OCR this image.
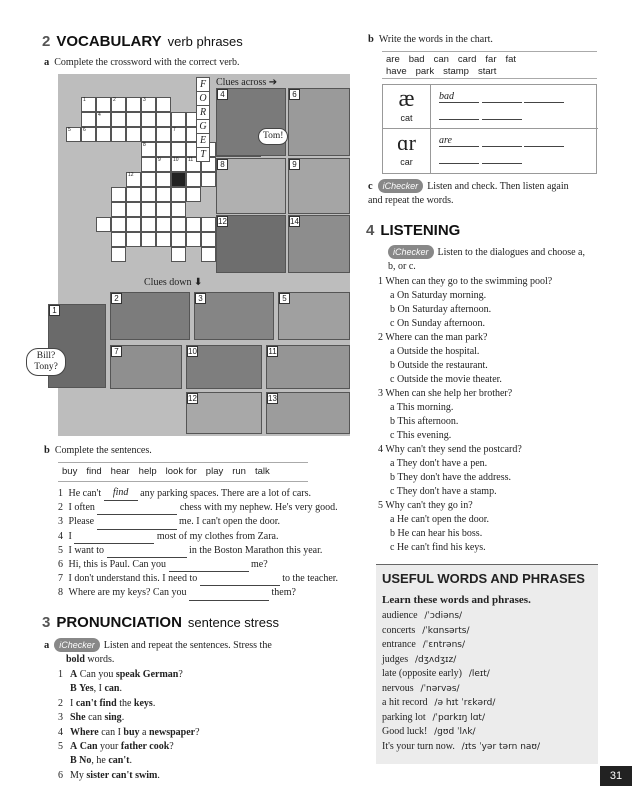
2 VOCABULARY verb phrases
a Complete the crossword with the correct verb.
Clues across ➔
Clues down ⬇
1	2	3
4
5 6	7
8
9 10 11
12
F
O
R
G
E
T
4	6
Tom!
8	9
12	14
2	3	5
1
Bill? Tony?
7	10	11
12	13
b Complete the sentences.
buy find hear help look for play run talk
1 He can't find any parking spaces. There are a lot of cars.
2 I often	chess with my nephew. He's very good.
3 Please	me. I can't open the door.
4 I	most of my clothes from Zara.
5 I want to	in the Boston Marathon this year.
6 Hi, this is Paul. Can you	me?
7 I don't understand this. I need to	to the teacher.
8 Where are my keys? Can you	them?
3 PRONUNCIATION sentence stress
a iChecker Listen and repeat the sentences. Stress the
bold words.
1 A Can you speak German?
B Yes, I can.
2 I can't find the keys.
3 She can sing.
4 Where can I buy a newspaper?
5 A Can your father cook?
B No, he can't.
6 My sister can't swim.
b Write the words in the chart.
are bad can card far fat
have park stamp start
æ
cat
bad

ɑr
car
are

c iChecker Listen and check. Then listen again and repeat the words.
4 LISTENING
iChecker Listen to the dialogues and choose a, b, or c.
1 When can they go to the swimming pool?
a On Saturday morning.
b On Saturday afternoon.
c On Sunday afternoon.
2 Where can the man park?
a Outside the hospital.
b Outside the restaurant.
c Outside the movie theater.
3 When can she help her brother?
a This morning.
b This afternoon.
c This evening.
4 Why can't they send the postcard?
a They don't have a pen.
b They don't have the address.
c They don't have a stamp.
5 Why can't they go in?
a He can't open the door.
b He can hear his boss.
c He can't find his keys.
USEFUL WORDS AND PHRASES
Learn these words and phrases.
audience /ˈɔdiəns/
concerts /ˈkɑnsərts/
entrance /ˈɛntrəns/
judges /dʒʌdʒɪz/
late (opposite early) /leɪt/
nervous /ˈnərvəs/
a hit record /ə hɪt ˈrɛkərd/
parking lot /ˈpɑrkɪŋ lɑt/
Good luck! /gʊd ˈlʌk/
It's your turn now. /ɪts ˈyər tərn naʊ/
31
